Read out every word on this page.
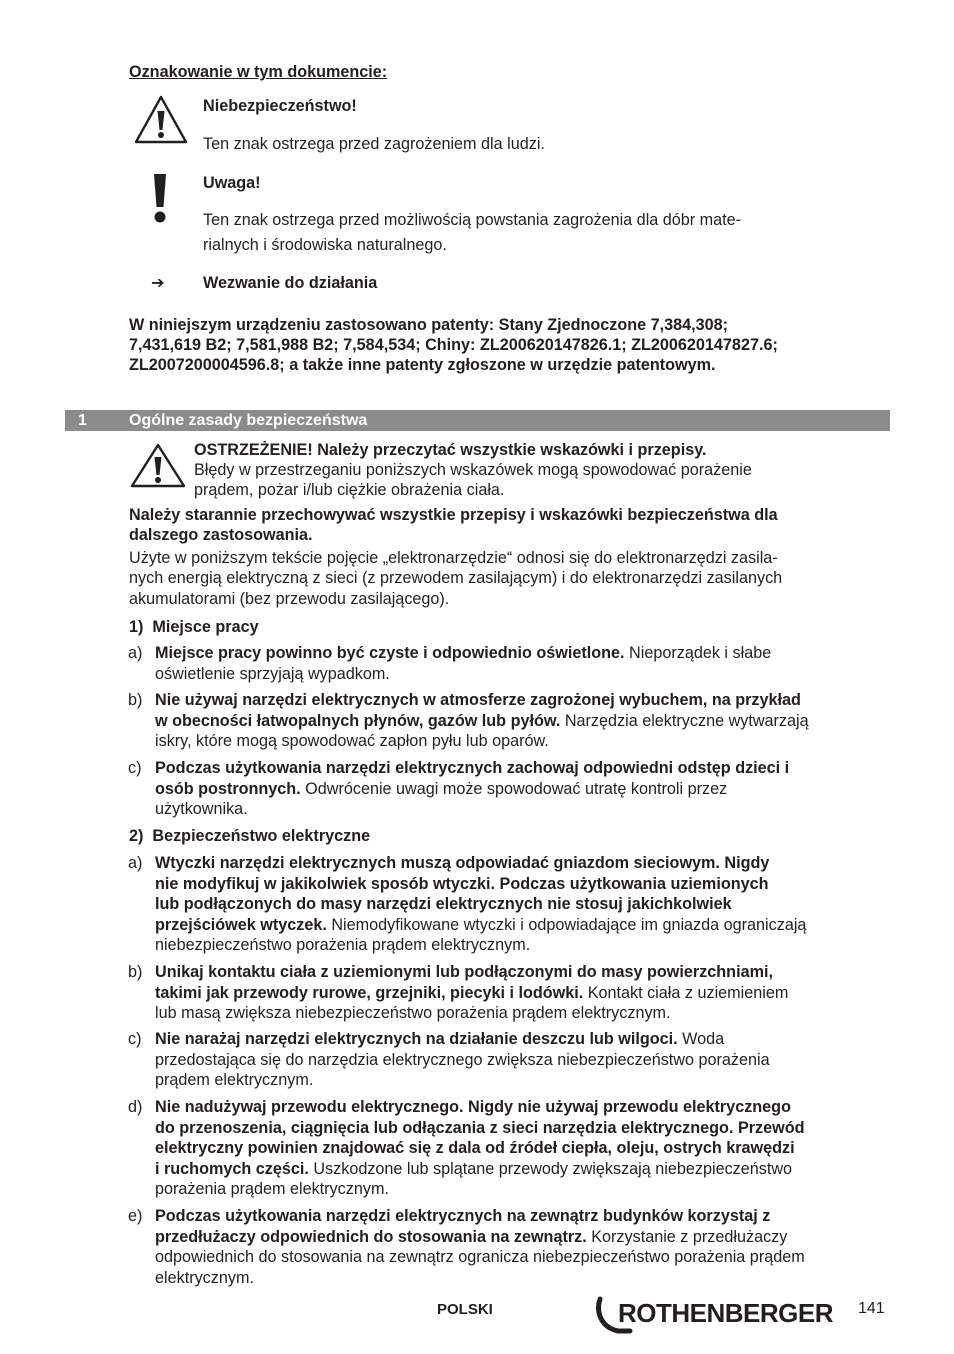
Oznakowanie w tym dokumencie:
Niebezpieczeństwo!
Ten znak ostrzega przed zagrożeniem dla ludzi.
Uwaga!
Ten znak ostrzega przed możliwością powstania zagrożenia dla dóbr mate-
rialnych i środowiska naturalnego.
➔ Wezwanie do działania
W niniejszym urządzeniu zastosowano patenty: Stany Zjednoczone 7,384,308;
7,431,619 B2; 7,581,988 B2; 7,584,534; Chiny: ZL200620147826.1; ZL200620147827.6;
ZL2007200004596.8; a także inne patenty zgłoszone w urzędzie patentowym.
1	Ogólne zasady bezpieczeństwa
OSTRZEŻENIE! Należy przeczytać wszystkie wskazówki i przepisy.
Błędy w przestrzeganiu poniższych wskazówek mogą spowodować porażenie
prądem, pożar i/lub ciężkie obrażenia ciała.
Należy starannie przechowywać wszystkie przepisy i wskazówki bezpieczeństwa dla
dalszego zastosowania.
Użyte w poniższym tekście pojęcie „elektronarzędzie“ odnosi się do elektronarzędzi zasila-
nych energią elektryczną z sieci (z przewodem zasilającym) i do elektronarzędzi zasilanych
akumulatorami (bez przewodu zasilającego).
1)  Miejsce pracy
a) Miejsce pracy powinno być czyste i odpowiednio oświetlone. Nieporządek i słabe
oświetlenie sprzyjają wypadkom.
b) Nie używaj narzędzi elektrycznych w atmosferze zagrożonej wybuchem, na przykład
w obecności łatwopalnych płynów, gazów lub pyłów. Narzędzia elektryczne wytwarzają
iskry, które mogą spowodować zapłon pyłu lub oparów.
c) Podczas użytkowania narzędzi elektrycznych zachowaj odpowiedni odstęp dzieci i
osób postronnych. Odwrócenie uwagi może spowodować utratę kontroli przez
użytkownika.
2)  Bezpieczeństwo elektryczne
a) Wtyczki narzędzi elektrycznych muszą odpowiadać gniazdom sieciowym. Nigdy
nie modyfikuj w jakikolwiek sposób wtyczki. Podczas użytkowania uziemionych
lub podłączonych do masy narzędzi elektrycznych nie stosuj jakichkolwiek
przejściówek wtyczek. Niemodyfikowane wtyczki i odpowiadające im gniazda ograniczają
niebezpieczeństwo porażenia prądem elektrycznym.
b) Unikaj kontaktu ciała z uziemionymi lub podłączonymi do masy powierzchniami,
takimi jak przewody rurowe, grzejniki, piecyki i lodówki. Kontakt ciała z uziemieniem
lub masą zwiększa niebezpieczeństwo porażenia prądem elektrycznym.
c) Nie narażaj narzędzi elektrycznych na działanie deszczu lub wilgoci. Woda
przedostająca się do narzędzia elektrycznego zwiększa niebezpieczeństwo porażenia
prądem elektrycznym.
d) Nie nadużywaj przewodu elektrycznego. Nigdy nie używaj przewodu elektrycznego
do przenoszenia, ciągnięcia lub odłączania z sieci narzędzia elektrycznego. Przewód
elektryczny powinien znajdować się z dala od źródeł ciepła, oleju, ostrych krawędzi
i ruchomych części. Uszkodzone lub splątane przewody zwiększają niebezpieczeństwo
porażenia prądem elektrycznym.
e) Podczas użytkowania narzędzi elektrycznych na zewnątrz budynków korzystaj z
przedłużaczy odpowiednich do stosowania na zewnątrz. Korzystanie z przedłużaczy
odpowiednich do stosowania na zewnątrz ogranicza niebezpieczeństwo porażenia prądem
elektrycznym.
POLSKI	ROTHENBERGER 141
